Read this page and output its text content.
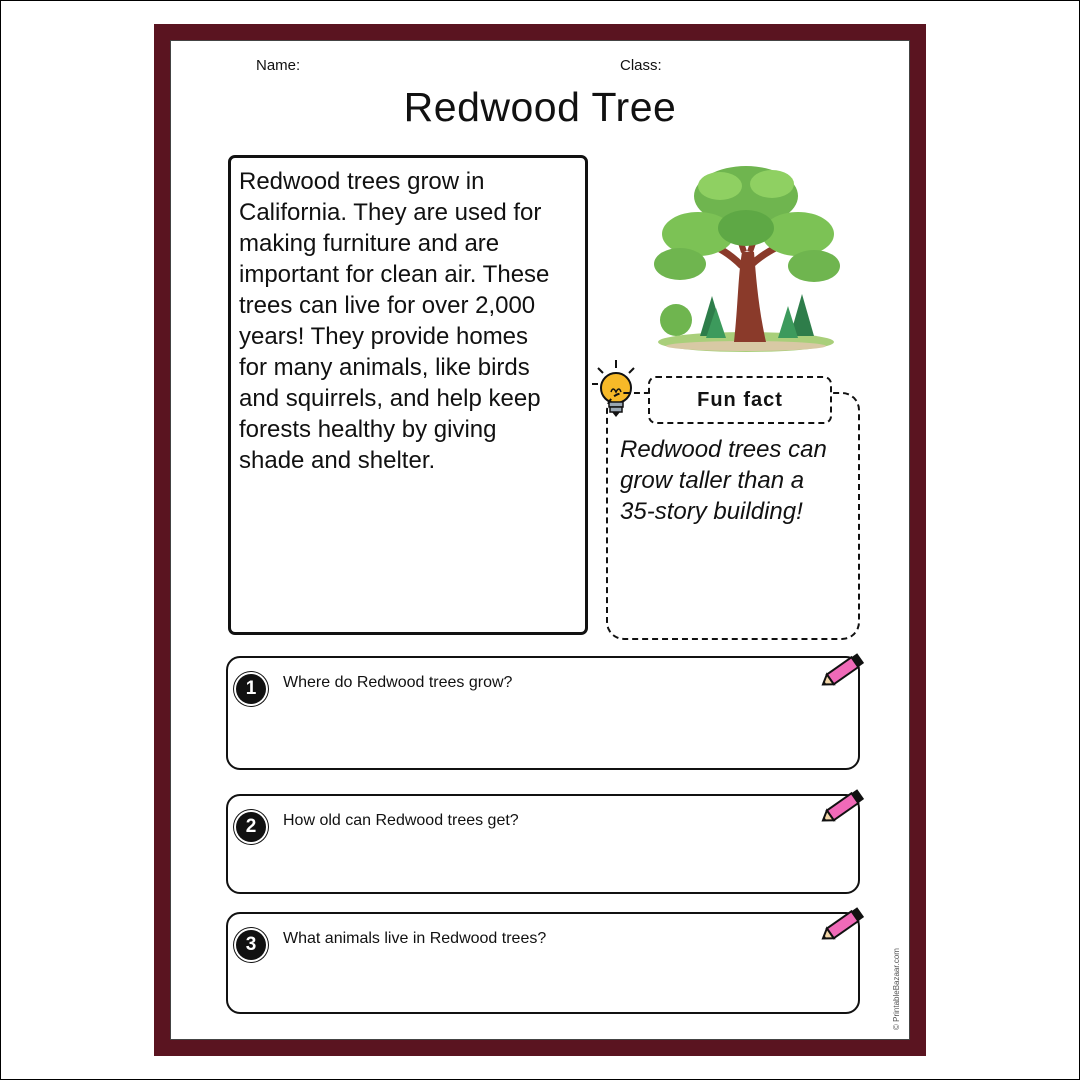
Name:	Class:
Redwood Tree

Redwood trees grow in
California. They are used for
making furniture and are
important for clean air. These
trees can live for over 2,000
years! They provide homes
for many animals, like birds
and squirrels, and help keep
forests healthy by giving
shade and shelter.	Redwood trees can
grow taller than a
35-story building!

Fun fact
1	Where do Redwood trees grow?
2	How old can Redwood trees get?
3	What animals live in Redwood trees?
© PrintableBazaar.com
